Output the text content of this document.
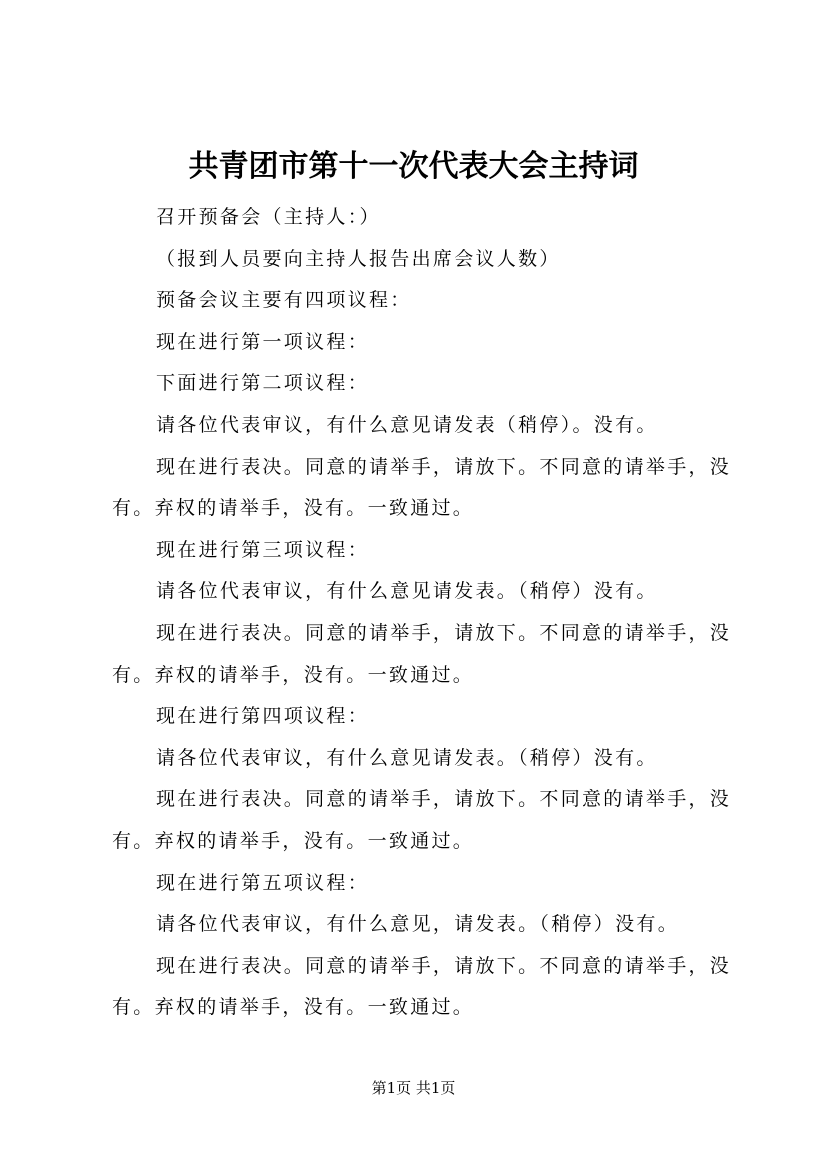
共青团市第十一次代表大会主持词

召开预备会（主持人：）

（报到人员要向主持人报告出席会议人数）

预备会议主要有四项议程：

现在进行第一项议程：

下面进行第二项议程：

请各位代表审议，有什么意见请发表（稍停）。没有。

现在进行表决。同意的请举手，请放下。不同意的请举手，没有。弃权的请举手，没有。一致通过。

现在进行第三项议程：

请各位代表审议，有什么意见请发表。（稍停）没有。

现在进行表决。同意的请举手，请放下。不同意的请举手，没有。弃权的请举手，没有。一致通过。

现在进行第四项议程：

请各位代表审议，有什么意见请发表。（稍停）没有。

现在进行表决。同意的请举手，请放下。不同意的请举手，没有。弃权的请举手，没有。一致通过。

现在进行第五项议程：

请各位代表审议，有什么意见，请发表。（稍停）没有。

现在进行表决。同意的请举手，请放下。不同意的请举手，没有。弃权的请举手，没有。一致通过。

第1页 共1页
